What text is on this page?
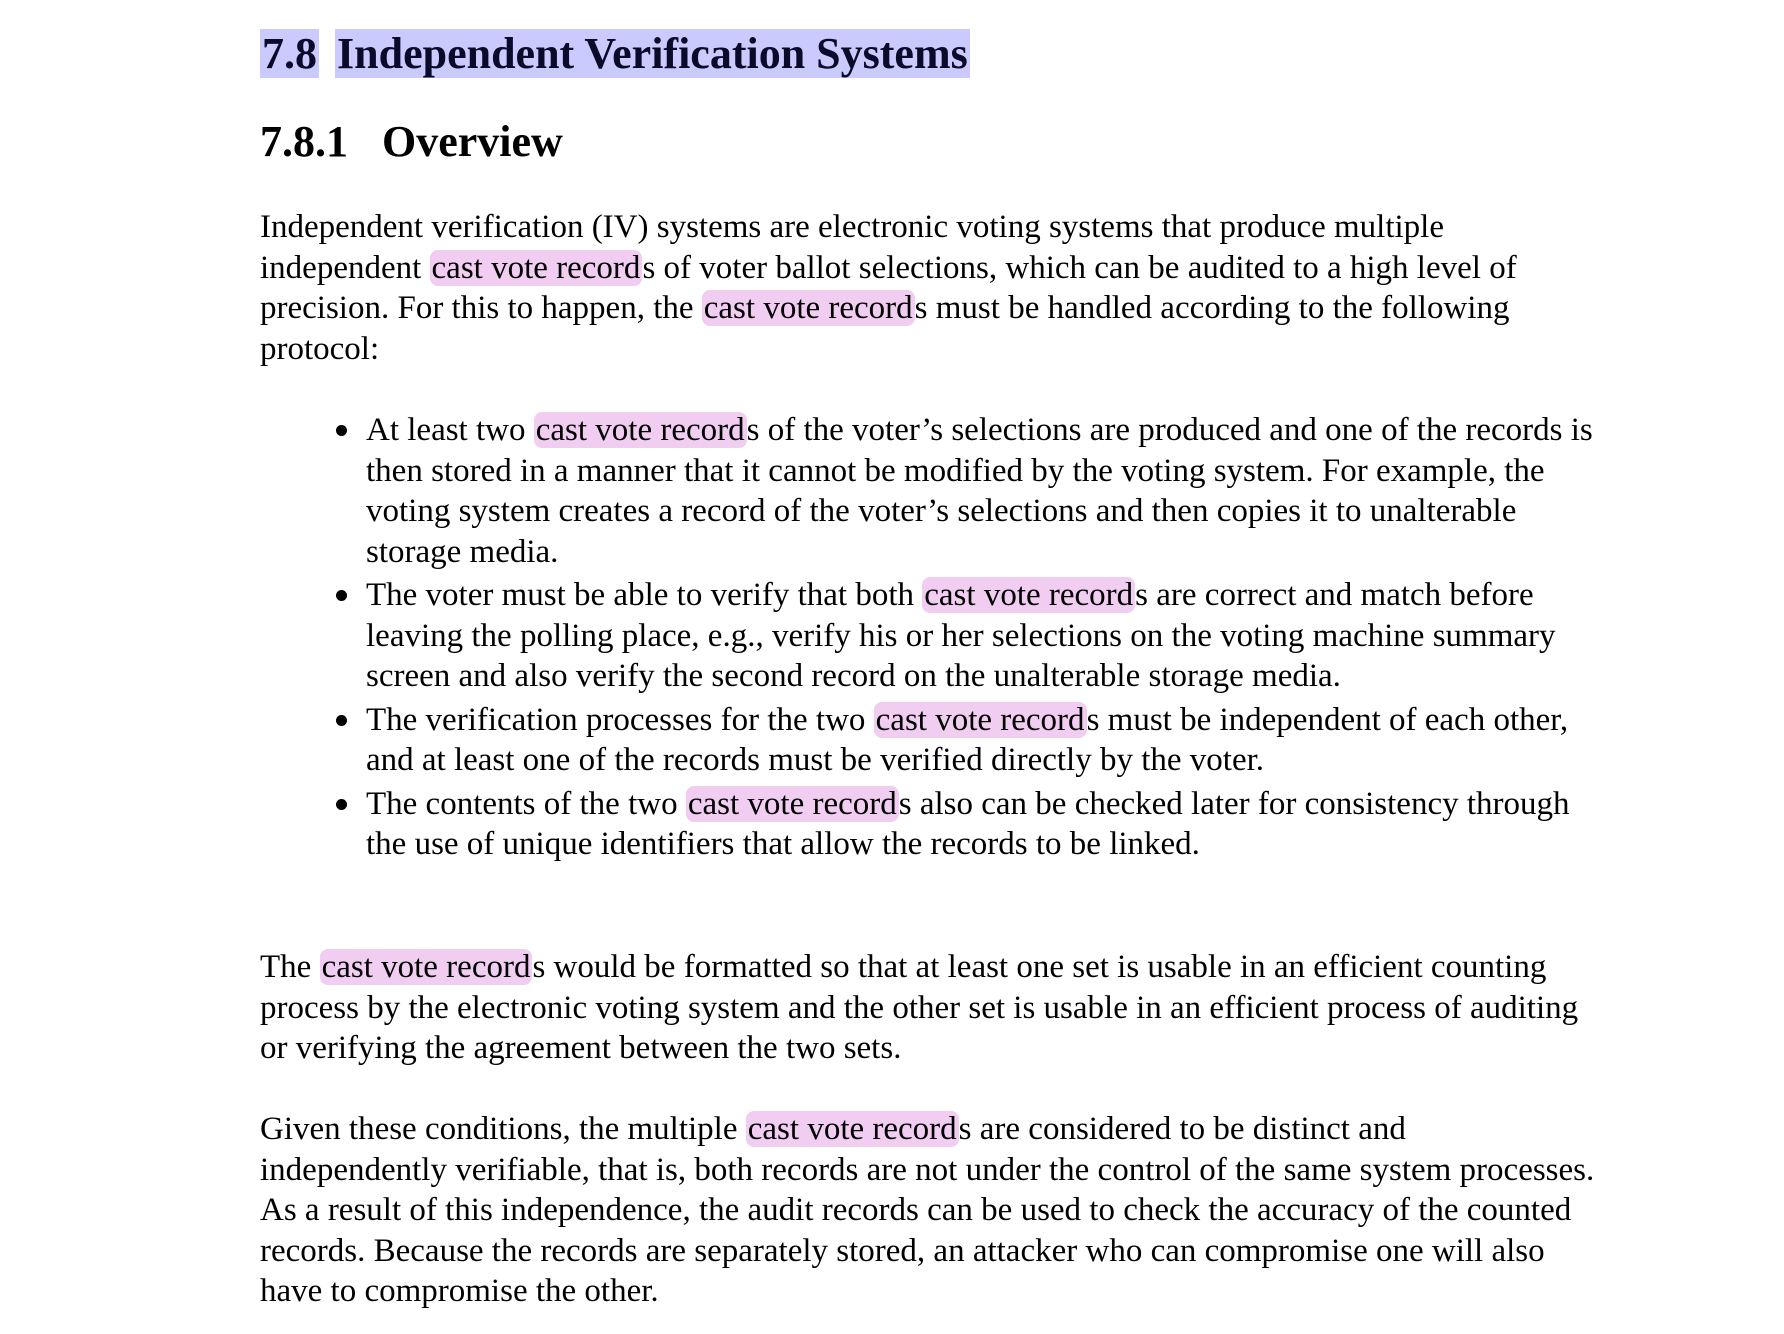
7.8 Independent Verification Systems
7.8.1 Overview

Independent verification (IV) systems are electronic voting systems that produce multiple independent cast vote records of voter ballot selections, which can be audited to a high level of precision. For this to happen, the cast vote records must be handled according to the following protocol:

At least two cast vote records of the voter’s selections are produced and one of the records is then stored in a manner that it cannot be modified by the voting system. For example, the voting system creates a record of the voter’s selections and then copies it to unalterable storage media.
The voter must be able to verify that both cast vote records are correct and match before leaving the polling place, e.g., verify his or her selections on the voting machine summary screen and also verify the second record on the unalterable storage media.
The verification processes for the two cast vote records must be independent of each other, and at least one of the records must be verified directly by the voter.
The contents of the two cast vote records also can be checked later for consistency through the use of unique identifiers that allow the records to be linked.

The cast vote records would be formatted so that at least one set is usable in an efficient counting process by the electronic voting system and the other set is usable in an efficient process of auditing or verifying the agreement between the two sets.

Given these conditions, the multiple cast vote records are considered to be distinct and independently verifiable, that is, both records are not under the control of the same system processes. As a result of this independence, the audit records can be used to check the accuracy of the counted records. Because the records are separately stored, an attacker who can compromise one will also have to compromise the other.
